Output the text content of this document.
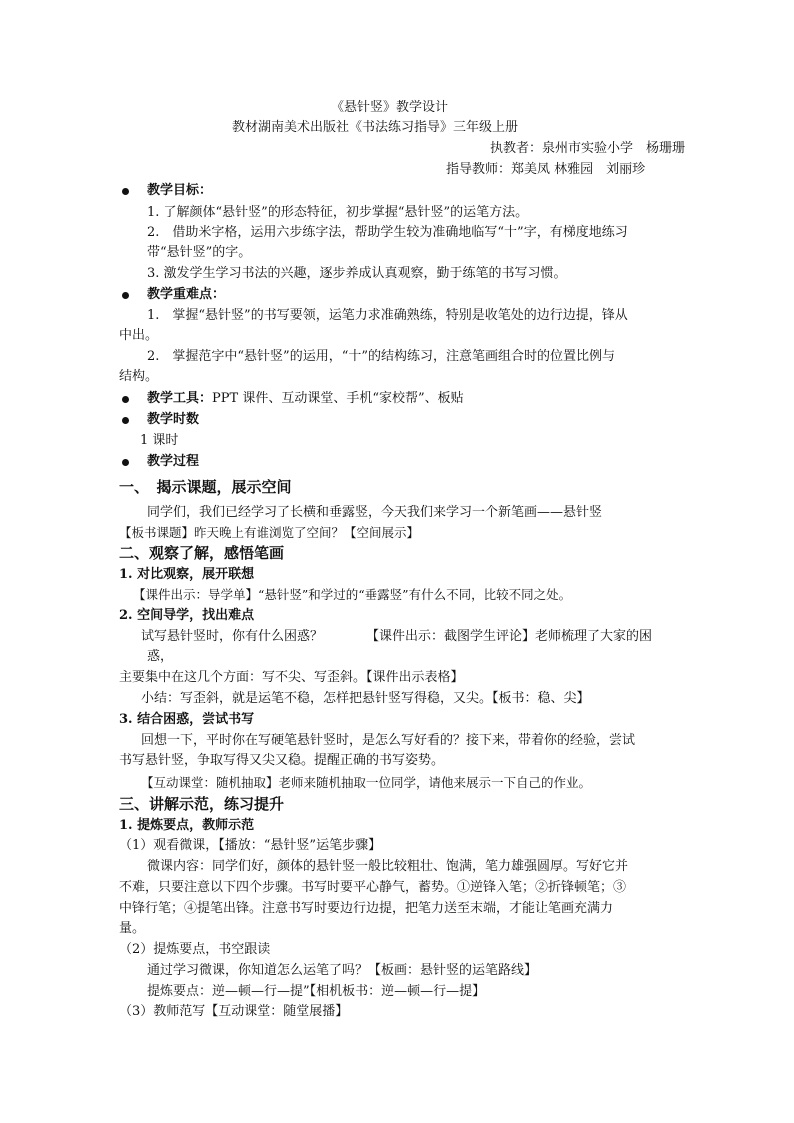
《悬针竖》教学设计
教材湖南美术出版社《书法练习指导》三年级上册
执教者：泉州市实验小学　杨珊珊
指导教师：郑美凤 林雅园　刘丽珍
教学目标：
1. 了解颜体“悬针竖”的形态特征，初步掌握“悬针竖”的运笔方法。
2.　借助米字格，运用六步练字法，帮助学生较为准确地临写“十”字，有梯度地练习
带“悬针竖”的字。
3. 激发学生学习书法的兴趣，逐步养成认真观察，勤于练笔的书写习惯。
教学重难点：
1.　掌握“悬针竖”的书写要领，运笔力求准确熟练，特别是收笔处的边行边提，锋从
中出。
2.　掌握范字中“悬针竖”的运用，“十”的结构练习，注意笔画组合时的位置比例与
结构。
教学工具：PPT 课件、互动课堂、手机“家校帮”、板贴
教学时数
1 课时
教学过程
一、　揭示课题，展示空间
同学们，我们已经学习了长横和垂露竖，今天我们来学习一个新笔画——悬针竖
【板书课题】昨天晚上有谁浏览了空间？【空间展示】
二、观察了解，感悟笔画
1. 对比观察，展开联想
【课件出示：导学单】“悬针竖”和学过的“垂露竖”有什么不同，比较不同之处。
2. 空间导学，找出难点
试写悬针竖时，你有什么困惑？	【课件出示：截图学生评论】老师梳理了大家的困
惑，
主要集中在这几个方面：写不尖、写歪斜。【课件出示表格】
小结：写歪斜，就是运笔不稳，怎样把悬针竖写得稳，又尖。【板书：稳、尖】
3. 结合困惑，尝试书写
回想一下，平时你在写硬笔悬针竖时，是怎么写好看的？接下来，带着你的经验，尝试
书写悬针竖，争取写得又尖又稳。提醒正确的书写姿势。
【互动课堂：随机抽取】老师来随机抽取一位同学，请他来展示一下自己的作业。
三、讲解示范，练习提升
1. 提炼要点，教师示范
（1）观看微课，【播放：“悬针竖”运笔步骤】
微课内容：同学们好，颜体的悬针竖一般比较粗壮、饱满，笔力雄强圆厚。写好它并
不难，只要注意以下四个步骤。书写时要平心静气，蓄势。①逆锋入笔；②折锋顿笔；③
中锋行笔；④提笔出锋。注意书写时要边行边提，把笔力送至末端，才能让笔画充满力
量。
（2）提炼要点，书空跟读
通过学习微课，你知道怎么运笔了吗？【板画：悬针竖的运笔路线】
提炼要点：逆—顿—行—提”【相机板书：逆—顿—行—提】
（3）教师范写【互动课堂：随堂展播】
